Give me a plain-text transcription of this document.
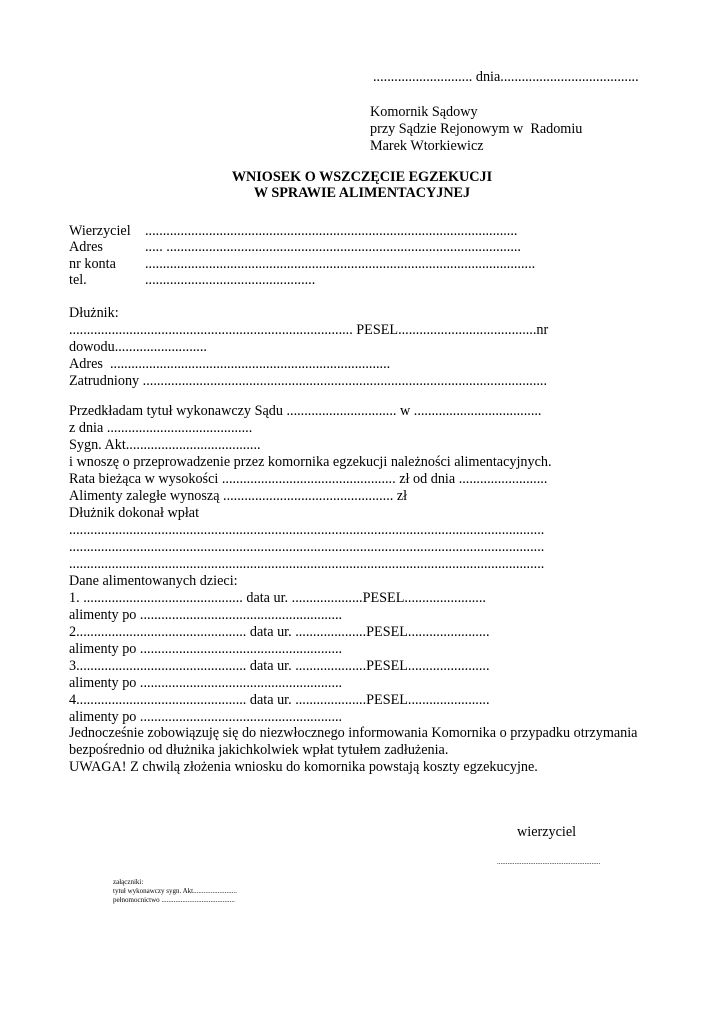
............................ dnia.......................................
Komornik Sądowy
przy Sądzie Rejonowym w  Radomiu
Marek Wtorkiewicz
WNIOSEK O WSZCZĘCIE EGZEKUCJI
W SPRAWIE ALIMENTACYJNEJ
Wierzyciel .........................................................................................................
Adres	..... ....................................................................................................
nr konta ..............................................................................................................
tel.	................................................
Dłużnik:
................................................................................ PESEL.......................................nr
dowodu..........................
Adres  ...............................................................................
Zatrudniony ..................................................................................................................
Przedkładam tytuł wykonawczy Sądu ............................... w ....................................
z dnia .........................................
Sygn. Akt......................................
i wnoszę o przeprowadzenie przez komornika egzekucji należności alimentacyjnych.
Rata bieżąca w wysokości ................................................. zł od dnia .........................
Alimenty zaległe wynoszą ................................................ zł
Dłużnik dokonał wpłat
......................................................................................................................................
......................................................................................................................................
......................................................................................................................................
Dane alimentowanych dzieci:
1. ............................................. data ur. ....................PESEL.......................
alimenty po .........................................................
2................................................ data ur. ....................PESEL.......................
alimenty po .........................................................
3................................................ data ur. ....................PESEL.......................
alimenty po .........................................................
4................................................ data ur. ....................PESEL.......................
alimenty po .........................................................
Jednocześnie zobowiązuję się do niezwłocznego informowania Komornika o przypadku otrzymania
bezpośrednio od dłużnika jakichkolwiek wpłat tytułem zadłużenia.
UWAGA! Z chwilą złożenia wniosku do komornika powstają koszty egzekucyjne.
wierzyciel
...........................................................
załączniki:
tytuł wykonawczy sygn. Akt.........................
pełnomocnictwo ..........................................
